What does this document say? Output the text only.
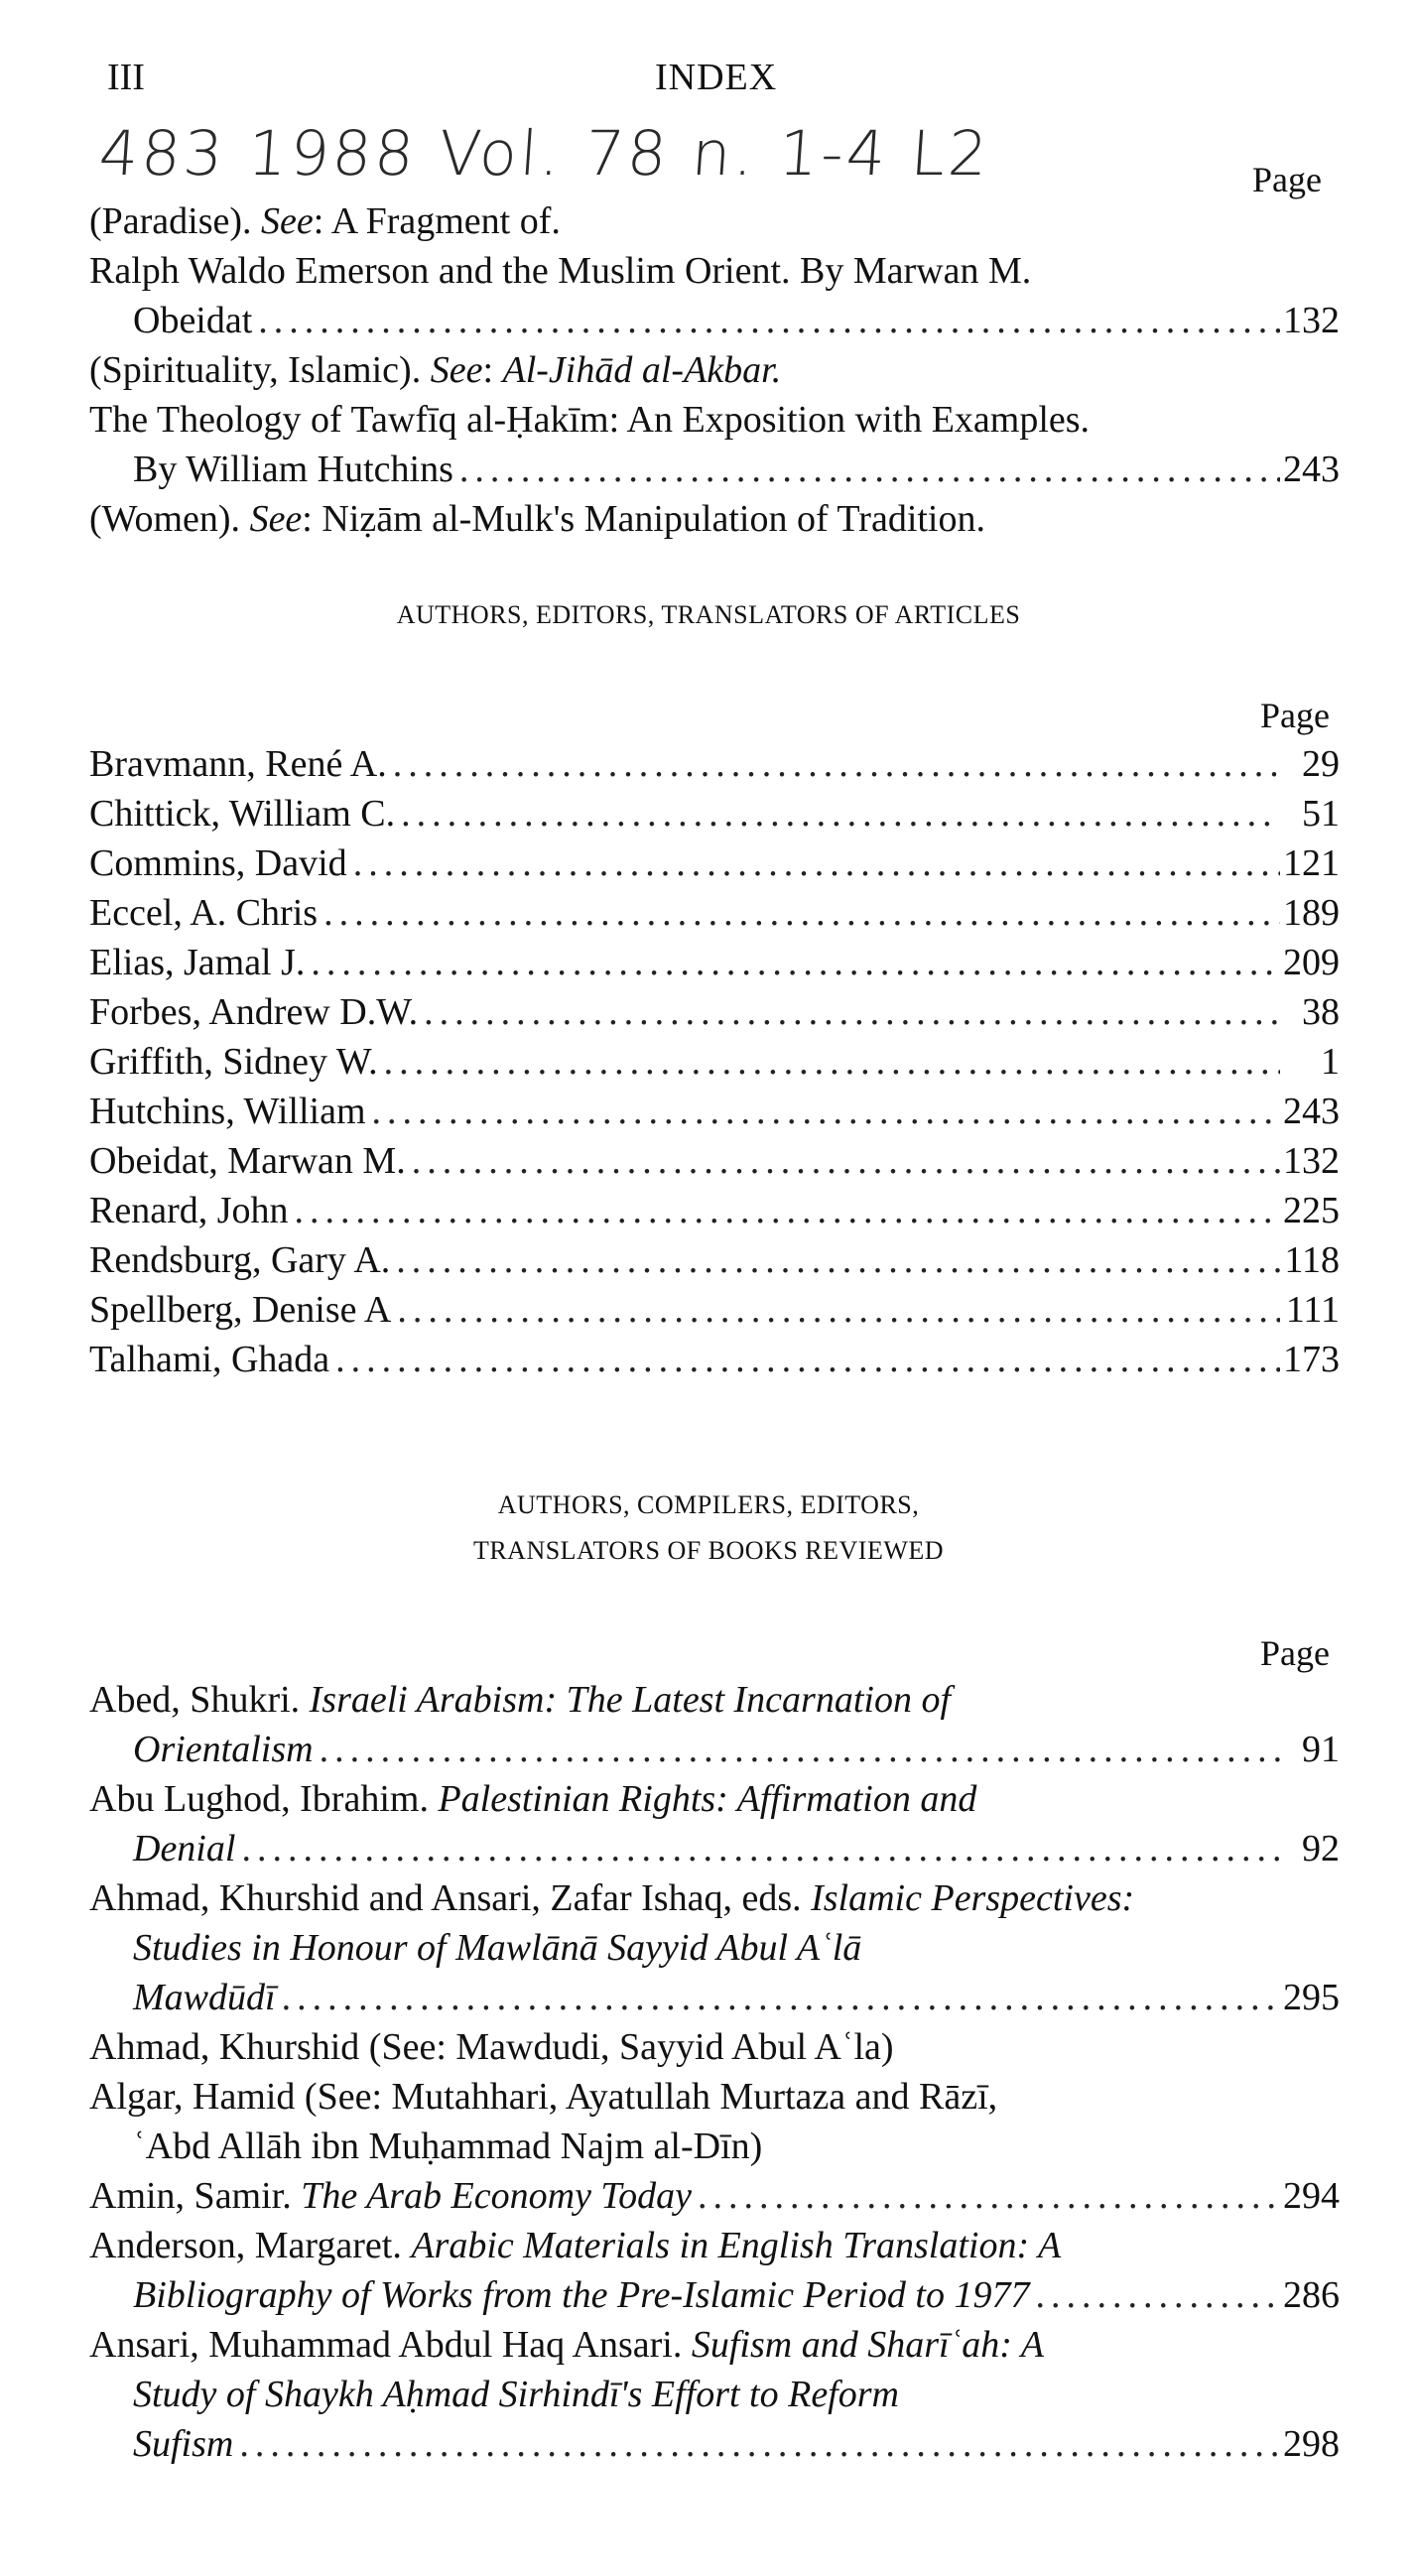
III	INDEX
483 1988 Vol. 78 n. 1-4 L2	Page
(Paradise). See: A Fragment of.
Ralph Waldo Emerson and the Muslim Orient. By Marwan M.
Obeidat .....	132
(Spirituality, Islamic). See: Al-Jihād al-Akbar.
The Theology of Tawfīq al-Ḥakīm: An Exposition with Examples.
By William Hutchins .....	243
(Women). See: Niẓām al-Mulk's Manipulation of Tradition.
AUTHORS, EDITORS, TRANSLATORS OF ARTICLES
Page
Bravmann, René A. .....	29
Chittick, William C. .....	51
Commins, David .....	121
Eccel, A. Chris .....	189
Elias, Jamal J. .....	209
Forbes, Andrew D.W. .....	38
Griffith, Sidney W. .....	1
Hutchins, William .....	243
Obeidat, Marwan M. .....	132
Renard, John .....	225
Rendsburg, Gary A. .....	118
Spellberg, Denise A .....	111
Talhami, Ghada .....	173
AUTHORS, COMPILERS, EDITORS,
TRANSLATORS OF BOOKS REVIEWED
Page
Abed, Shukri. Israeli Arabism: The Latest Incarnation of
Orientalism .....	91
Abu Lughod, Ibrahim. Palestinian Rights: Affirmation and
Denial .....	92
Ahmad, Khurshid and Ansari, Zafar Ishaq, eds. Islamic Perspectives:
Studies in Honour of Mawlānā Sayyid Abul Aʿlā
Mawdūdī .....	295
Ahmad, Khurshid (See: Mawdudi, Sayyid Abul Aʿla)
Algar, Hamid (See: Mutahhari, Ayatullah Murtaza and Rāzī,
ʿAbd Allāh ibn Muḥammad Najm al-Dīn)
Amin, Samir. The Arab Economy Today .....	294
Anderson, Margaret. Arabic Materials in English Translation: A
Bibliography of Works from the Pre-Islamic Period to 1977 .....	286
Ansari, Muhammad Abdul Haq Ansari. Sufism and Sharīʿah: A
Study of Shaykh Aḥmad Sirhindī's Effort to Reform
Sufism .....	298
